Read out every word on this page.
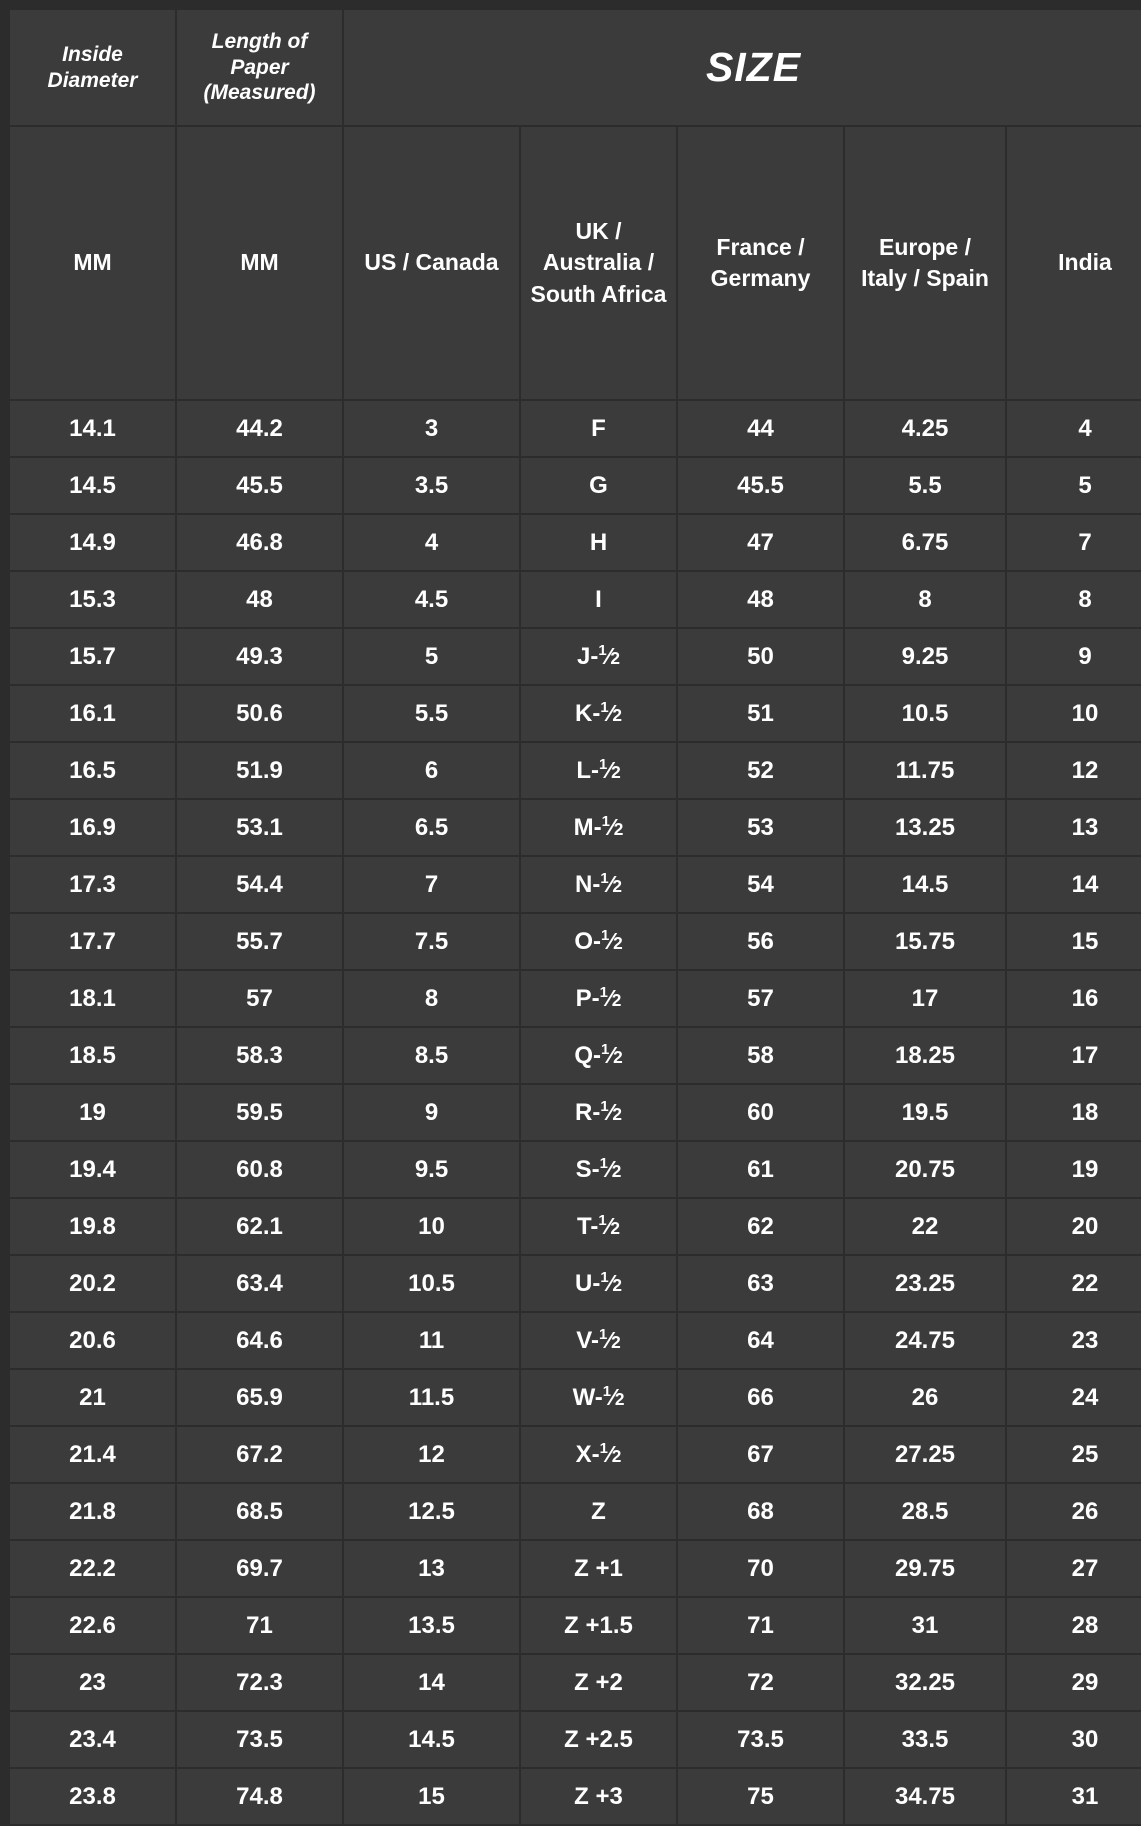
Inside Diameter	Length of Paper (Measured)	SIZE				

MM	MM	US / Canada	UK / Australia / South Africa	France / Germany	Europe / Italy / Spain	India

14.1	44.2	3	F	44	4.25	4
14.5	45.5	3.5	G	45.5	5.5	5
14.9	46.8	4	H	47	6.75	7
15.3	48	4.5	I	48	8	8
15.7	49.3	5	J-$^1$⁄2	50	9.25	9
16.1	50.6	5.5	K-$^1$⁄2	51	10.5	10
16.5	51.9	6	L-$^1$⁄2	52	11.75	12
16.9	53.1	6.5	M-$^1$⁄2	53	13.25	13
17.3	54.4	7	N-$^1$⁄2	54	14.5	14
17.7	55.7	7.5	O-$^1$⁄2	56	15.75	15
18.1	57	8	P-$^1$⁄2	57	17	16
18.5	58.3	8.5	Q-$^1$⁄2	58	18.25	17
19	59.5	9	R-$^1$⁄2	60	19.5	18
19.4	60.8	9.5	S-$^1$⁄2	61	20.75	19
19.8	62.1	10	T-$^1$⁄2	62	22	20
20.2	63.4	10.5	U-$^1$⁄2	63	23.25	22
20.6	64.6	11	V-$^1$⁄2	64	24.75	23
21	65.9	11.5	W-$^1$⁄2	66	26	24
21.4	67.2	12	X-$^1$⁄2	67	27.25	25
21.8	68.5	12.5	Z	68	28.5	26
22.2	69.7	13	Z +1	70	29.75	27
22.6	71	13.5	Z +1.5	71	31	28
23	72.3	14	Z +2	72	32.25	29
23.4	73.5	14.5	Z +2.5	73.5	33.5	30
23.8	74.8	15	Z +3	75	34.75	31
